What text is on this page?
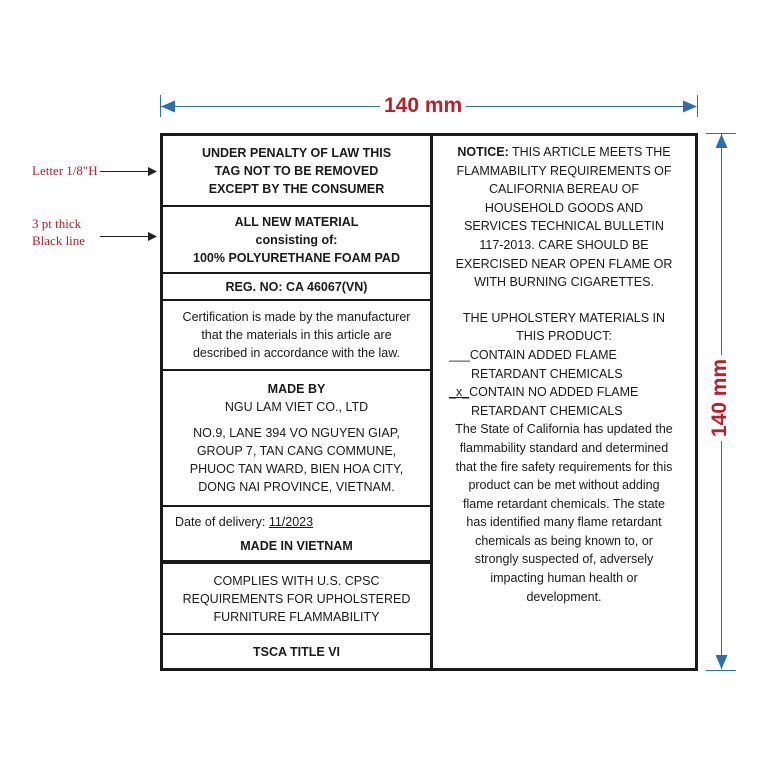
140 mm
140 mm
Letter 1/8"H
3 pt thick
Black line
UNDER PENALTY OF LAW THIS
TAG NOT TO BE REMOVED
EXCEPT BY THE CONSUMER
ALL NEW MATERIAL
consisting of:
100% POLYURETHANE FOAM PAD
REG. NO: CA 46067(VN)
Certification is made by the manufacturer
that the materials in this article are
described in accordance with the law.
MADE BY
NGU LAM VIET CO., LTD
NO.9, LANE 394 VO NGUYEN GIAP,
GROUP 7, TAN CANG COMMUNE,
PHUOC TAN WARD, BIEN HOA CITY,
DONG NAI PROVINCE, VIETNAM.
Date of delivery: 11/2023
MADE IN VIETNAM
COMPLIES WITH U.S. CPSC
REQUIREMENTS FOR UPHOLSTERED
FURNITURE FLAMMABILITY
TSCA TITLE VI
NOTICE: THIS ARTICLE MEETS THE
FLAMMABILITY REQUIREMENTS OF
CALIFORNIA BEREAU OF
HOUSEHOLD GOODS AND
SERVICES TECHNICAL BULLETIN
117-2013. CARE SHOULD BE
EXERCISED NEAR OPEN FLAME OR
WITH BURNING CIGARETTES.
THE UPHOLSTERY MATERIALS IN
THIS PRODUCT:
___CONTAIN ADDED FLAME
RETARDANT CHEMICALS
_x_CONTAIN NO ADDED FLAME
RETARDANT CHEMICALS
The State of California has updated the
flammability standard and determined
that the fire safety requirements for this
product can be met without adding
flame retardant chemicals. The state
has identified many flame retardant
chemicals as being known to, or
strongly suspected of, adversely
impacting human health or
development.
